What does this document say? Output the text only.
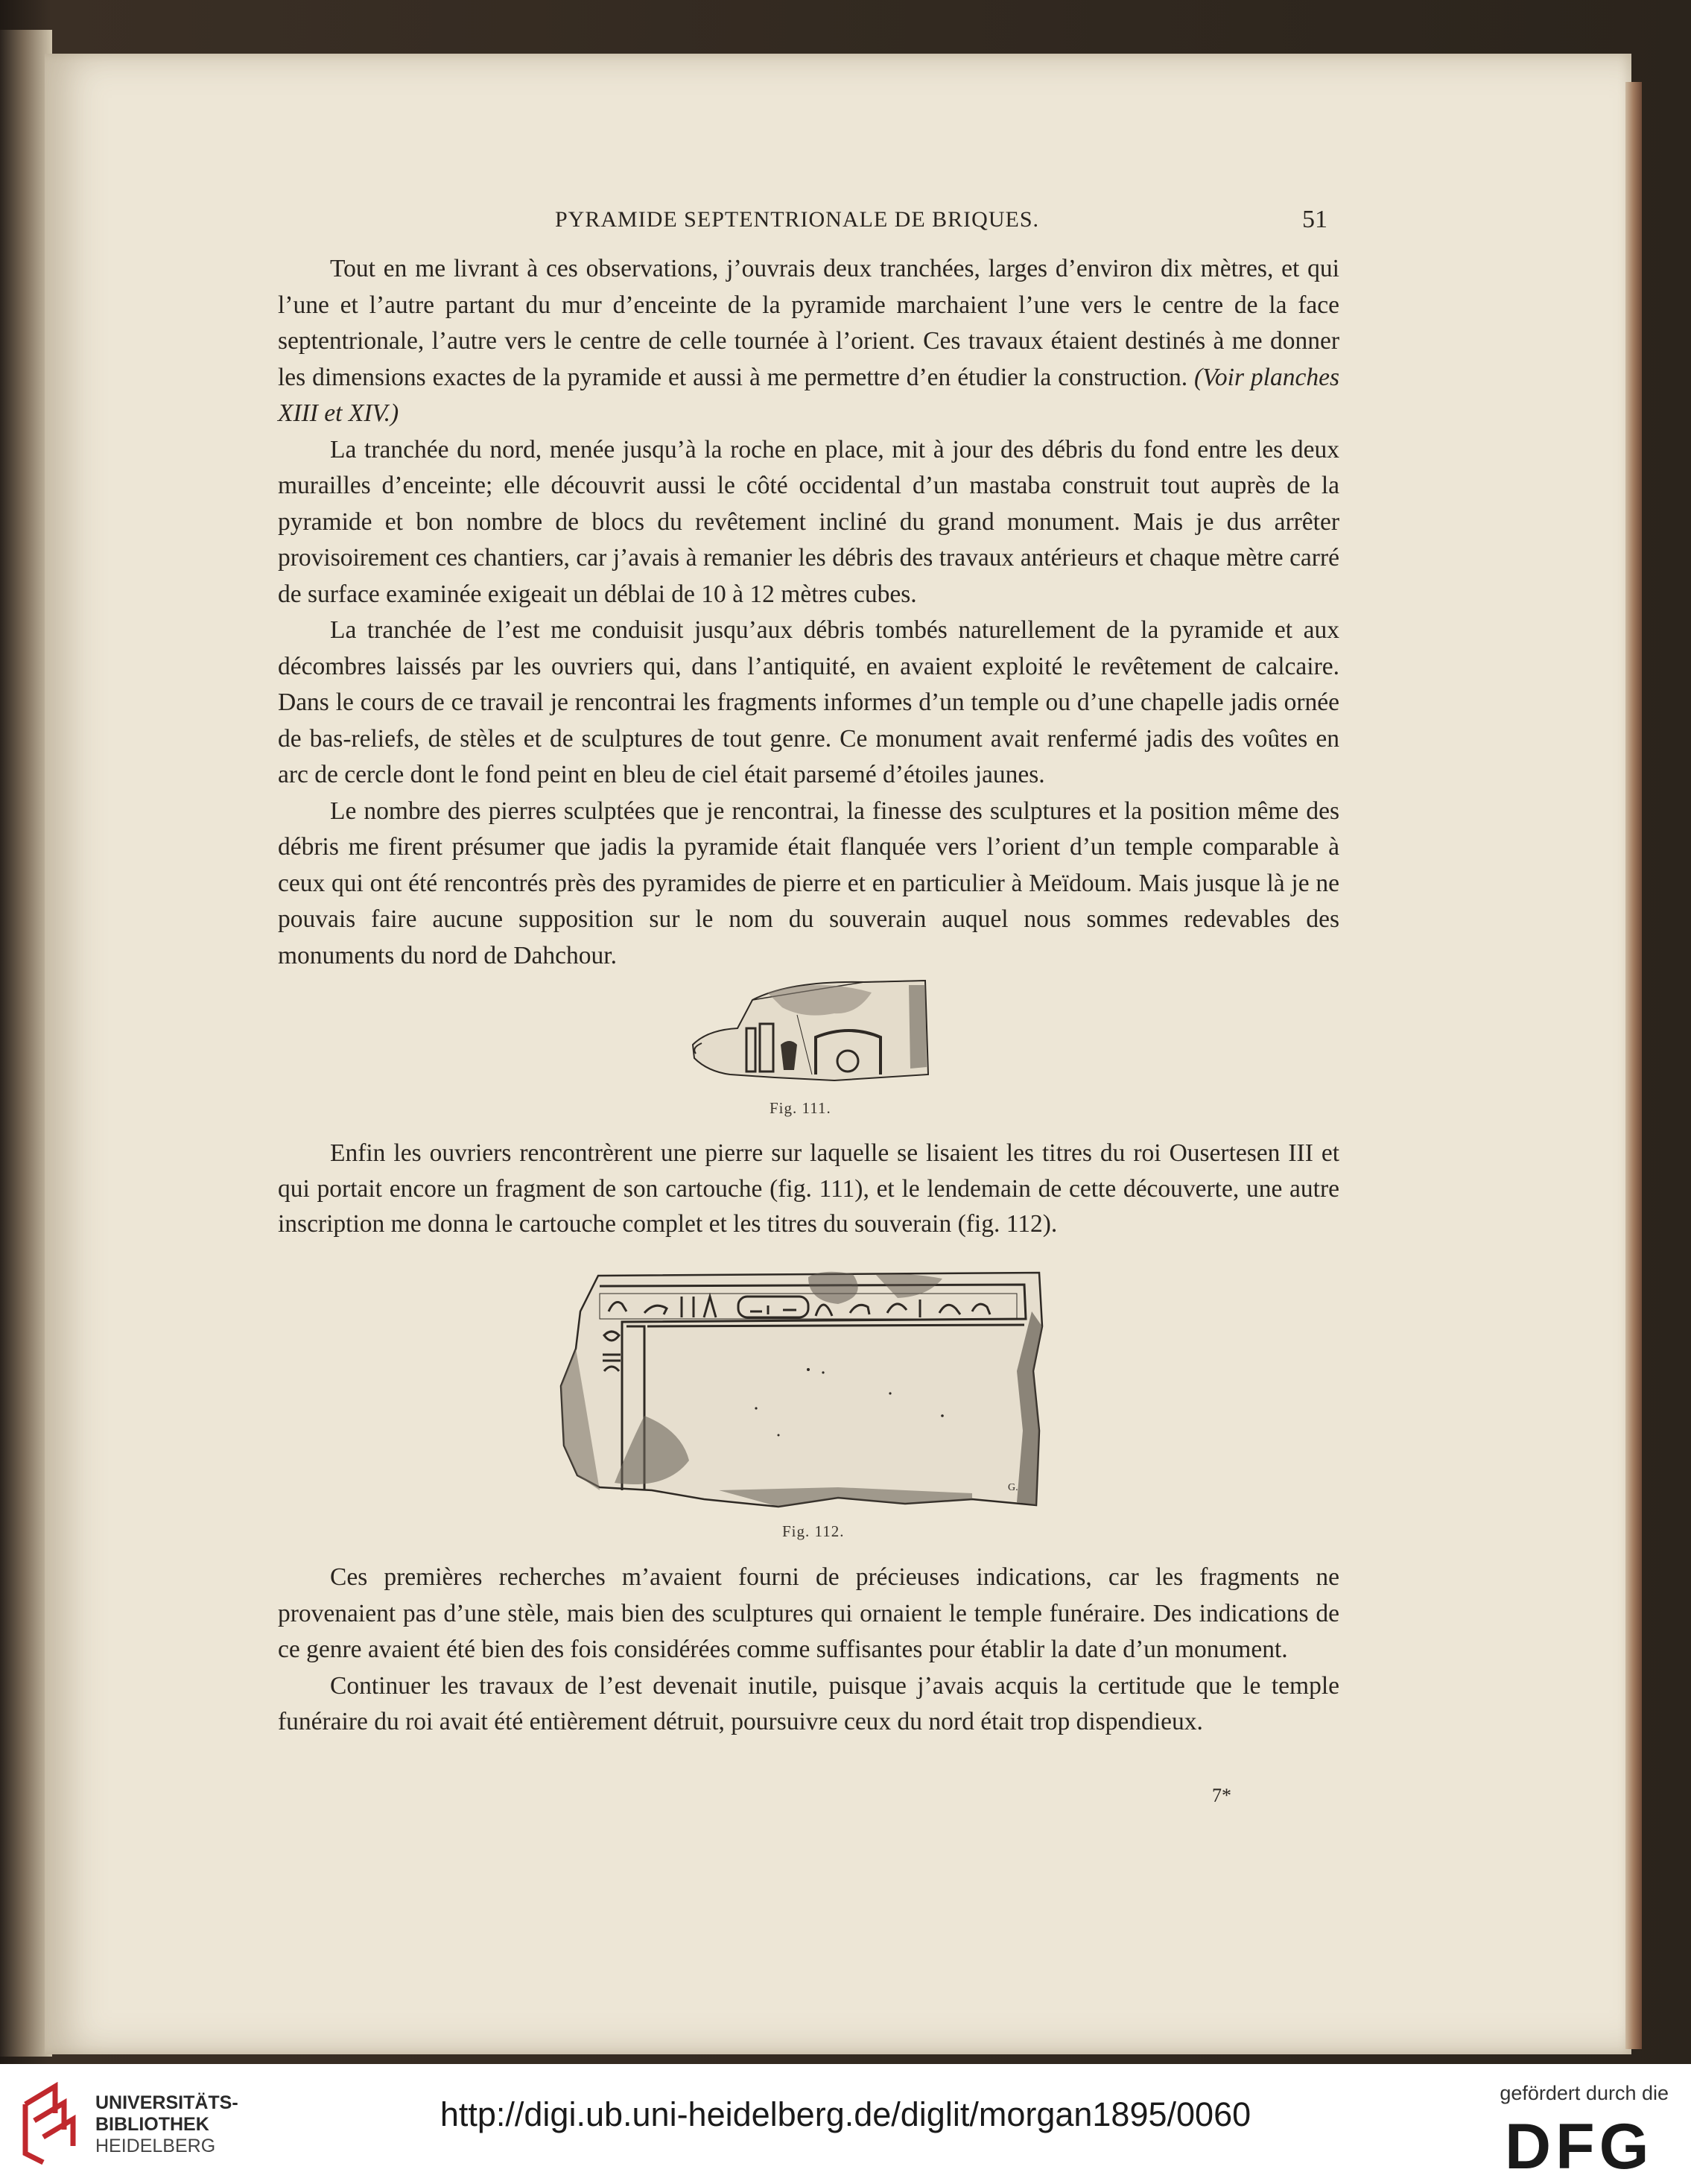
PYRAMIDE SEPTENTRIONALE DE BRIQUES.	51

Tout en me livrant à ces observations, j’ouvrais deux tranchées, larges d’environ dix mètres, et qui l’une et l’autre partant du mur d’enceinte de la pyramide marchaient l’une vers le centre de la face septentrionale, l’autre vers le centre de celle tournée à l’orient. Ces travaux étaient destinés à me donner les dimensions exactes de la pyramide et aussi à me permettre d’en étudier la construction. (Voir planches XIII et XIV.)

La tranchée du nord, menée jusqu’à la roche en place, mit à jour des débris du fond entre les deux murailles d’enceinte; elle découvrit aussi le côté occidental d’un mastaba construit tout auprès de la pyramide et bon nombre de blocs du revêtement incliné du grand monument. Mais je dus arrêter provisoirement ces chantiers, car j’avais à remanier les débris des travaux antérieurs et chaque mètre carré de surface examinée exigeait un déblai de 10 à 12 mètres cubes.

La tranchée de l’est me conduisit jusqu’aux débris tombés naturellement de la pyramide et aux décombres laissés par les ouvriers qui, dans l’antiquité, en avaient exploité le revêtement de calcaire. Dans le cours de ce travail je rencontrai les fragments informes d’un temple ou d’une chapelle jadis ornée de bas-reliefs, de stèles et de sculptures de tout genre. Ce monument avait renfermé jadis des voûtes en arc de cercle dont le fond peint en bleu de ciel était parsemé d’étoiles jaunes.

Le nombre des pierres sculptées que je rencontrai, la finesse des sculptures et la position même des débris me firent présumer que jadis la pyramide était flanquée vers l’orient d’un temple comparable à ceux qui ont été rencontrés près des pyramides de pierre et en particulier à Meïdoum. Mais jusque là je ne pouvais faire aucune supposition sur le nom du souverain auquel nous sommes redevables des monuments du nord de Dahchour.

Fig. 111.

Enfin les ouvriers rencontrèrent une pierre sur laquelle se lisaient les titres du roi Ousertesen III et qui portait encore un fragment de son cartouche (fig. 111), et le lendemain de cette découverte, une autre inscription me donna le cartouche complet et les titres du souverain (fig. 112).

G.
Fig. 112.

Ces premières recherches m’avaient fourni de précieuses indications, car les fragments ne provenaient pas d’une stèle, mais bien des sculptures qui ornaient le temple funéraire. Des indications de ce genre avaient été bien des fois considérées comme suffisantes pour établir la date d’un monument.

Continuer les travaux de l’est devenait inutile, puisque j’avais acquis la certitude que le temple funéraire du roi avait été entièrement détruit, poursuivre ceux du nord était trop dispendieux.

7*
UNIVERSITÄTS-
BIBLIOTHEK
HEIDELBERG
http://digi.ub.uni-heidelberg.de/diglit/morgan1895/0060
gefördert durch die
DFG
